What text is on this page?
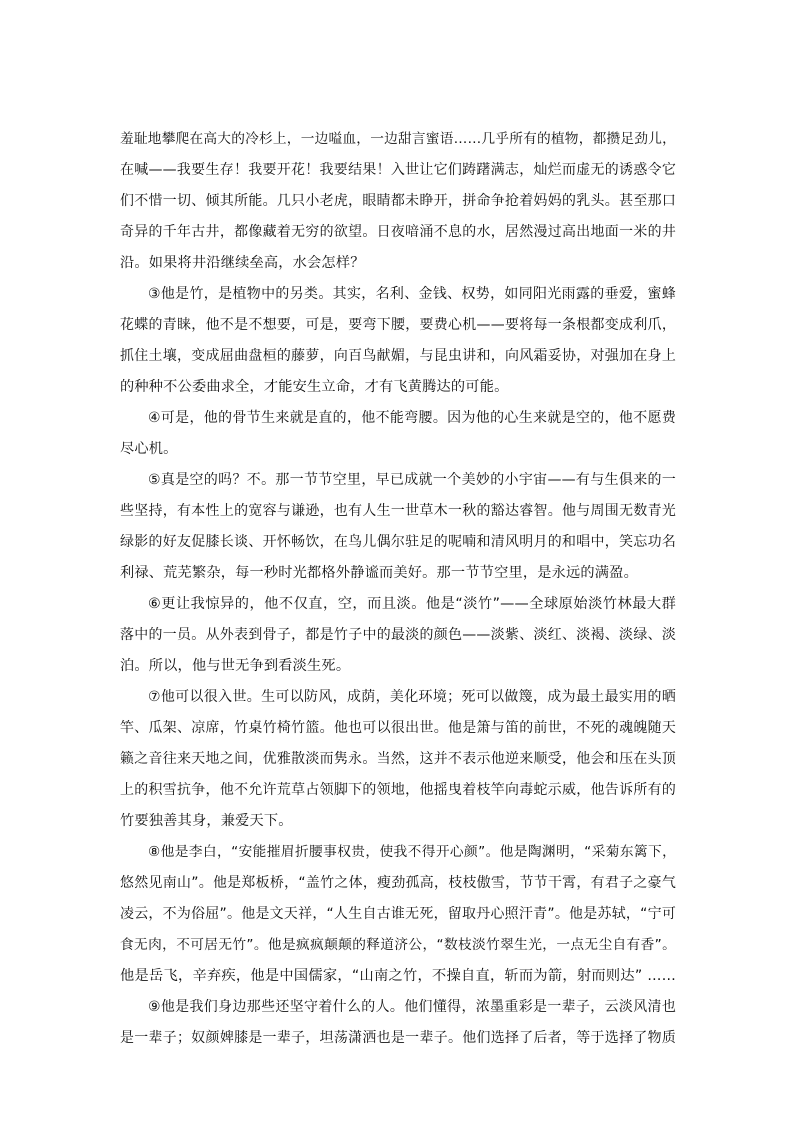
羞耻地攀爬在高大的冷杉上，一边嗌血，一边甜言蜜语……几乎所有的植物，都攒足劲儿，
在喊——我要生存！我要开花！我要结果！入世让它们踌躇满志，灿烂而虚无的诱惑令它
们不惜一切、倾其所能。几只小老虎，眼睛都未睁开，拼命争抢着妈妈的乳头。甚至那口
奇异的千年古井，都像藏着无穷的欲望。日夜喑涌不息的水，居然漫过高出地面一米的井
沿。如果将井沿继续垒高，水会怎样？
③他是竹，是植物中的另类。其实，名利、金钱、权势，如同阳光雨露的垂爱，蜜蜂
花蝶的青睐，他不是不想要，可是，要弯下腰，要费心机——要将每一条根都变成利爪，
抓住土壤，变成屈曲盘桓的藤萝，向百鸟献媚，与昆虫讲和，向风霜妥协，对强加在身上
的种种不公委曲求全，才能安生立命，才有飞黄腾达的可能。
④可是，他的骨节生来就是直的，他不能弯腰。因为他的心生来就是空的，他不愿费
尽心机。
⑤真是空的吗？不。那一节节空里，早已成就一个美妙的小宇宙——有与生俱来的一
些坚持，有本性上的宽容与谦逊，也有人生一世草木一秋的豁达睿智。他与周围无数青光
绿影的好友促膝长谈、开怀畅饮，在鸟儿偶尔驻足的呢喃和清风明月的和唱中，笑忘功名
利禄、荒芜繁杂，每一秒时光都格外静谧而美好。那一节节空里，是永远的满盈。
⑥更让我惊异的，他不仅直，空，而且淡。他是“淡竹”——全球原始淡竹林最大群
落中的一员。从外表到骨子，都是竹子中的最淡的颜色——淡紫、淡红、淡褐、淡绿、淡
泊。所以，他与世无争到看淡生死。
⑦他可以很入世。生可以防风，成荫，美化环境；死可以做篾，成为最土最实用的晒
竿、瓜架、凉席，竹桌竹椅竹篮。他也可以很出世。他是箫与笛的前世，不死的魂魄随天
籁之音往来天地之间，优雅散淡而隽永。当然，这并不表示他逆来顺受，他会和压在头顶
上的积雪抗争，他不允许荒草占领脚下的领地，他摇曳着枝竿向毒蛇示威，他告诉所有的
竹要独善其身，兼爱天下。
⑧他是李白，“安能摧眉折腰事权贵，使我不得开心颜”。他是陶渊明，“采菊东篱下，
悠然见南山”。他是郑板桥，“盖竹之体，瘦劲孤高，枝枝傲雪，节节干霄，有君子之豪气
凌云，不为俗屈”。他是文天祥，“人生自古谁无死，留取丹心照汗青”。他是苏轼，“宁可
食无肉，不可居无竹”。他是疯疯颠颠的释道济公，“数枝淡竹翠生光，一点无尘自有香”。
他是岳飞，辛弃疾，他是中国儒家，“山南之竹，不操自直，斩而为箭，射而则达” ……
⑨他是我们身边那些还坚守着什么的人。他们懂得，浓墨重彩是一辈子，云淡风清也
是一辈子；奴颜婢膝是一辈子，坦荡潇洒也是一辈子。他们选择了后者，等于选择了物质
